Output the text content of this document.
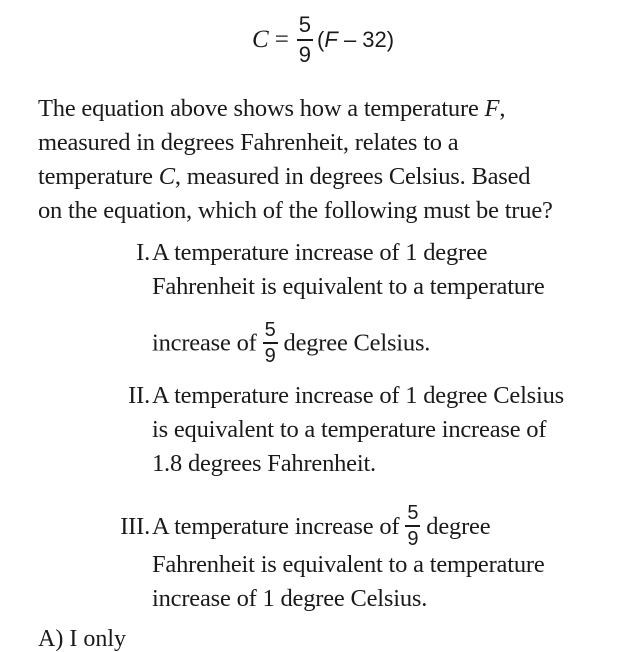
$C = \frac{5}{9} (F - 32)$
The equation above shows how a temperature F,
measured in degrees Fahrenheit, relates to a
temperature C, measured in degrees Celsius. Based
on the equation, which of the following must be true?
I. A temperature increase of 1 degree
Fahrenheit is equivalent to a temperature
increase of $\frac{5}{9}$ degree Celsius.
II. A temperature increase of 1 degree Celsius
is equivalent to a temperature increase of
1.8 degrees Fahrenheit.
III. A temperature increase of $\frac{5}{9}$ degree
Fahrenheit is equivalent to a temperature
increase of 1 degree Celsius.
A) I only
